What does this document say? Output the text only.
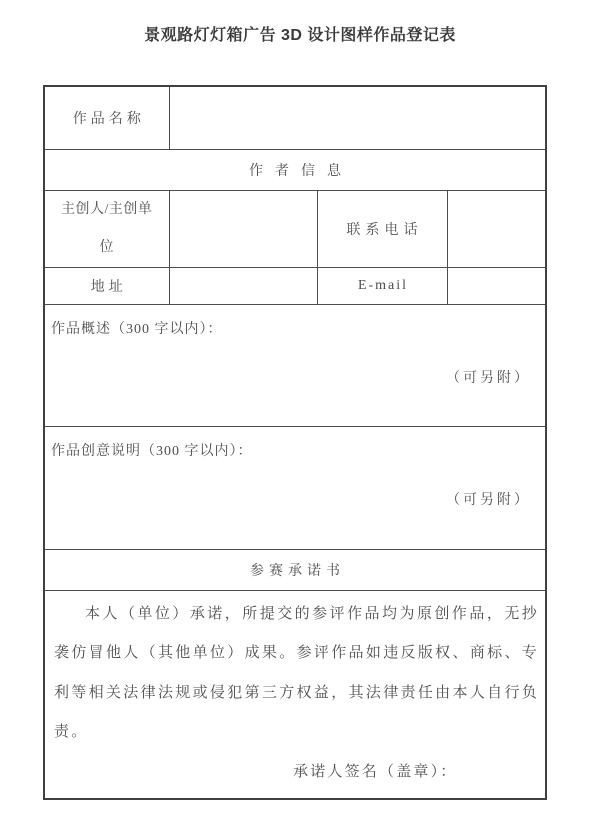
景观路灯灯箱广告 3D 设计图样作品登记表
作品名称			
作者信息			

主创人/主创单位		联系电话	
地址		E-mail	

作品概述（300 字以内）：
（可另附）			

作品创意说明（300 字以内）：
（可另附）			

参赛承诺书			

本人（单位）承诺，所提交的参评作品均为原创作品，无抄袭仿冒他人（其他单位）成果。参评作品如违反版权、商标、专利等相关法律法规或侵犯第三方权益，其法律责任由本人自行负责。
承诺人签名（盖章）：			
